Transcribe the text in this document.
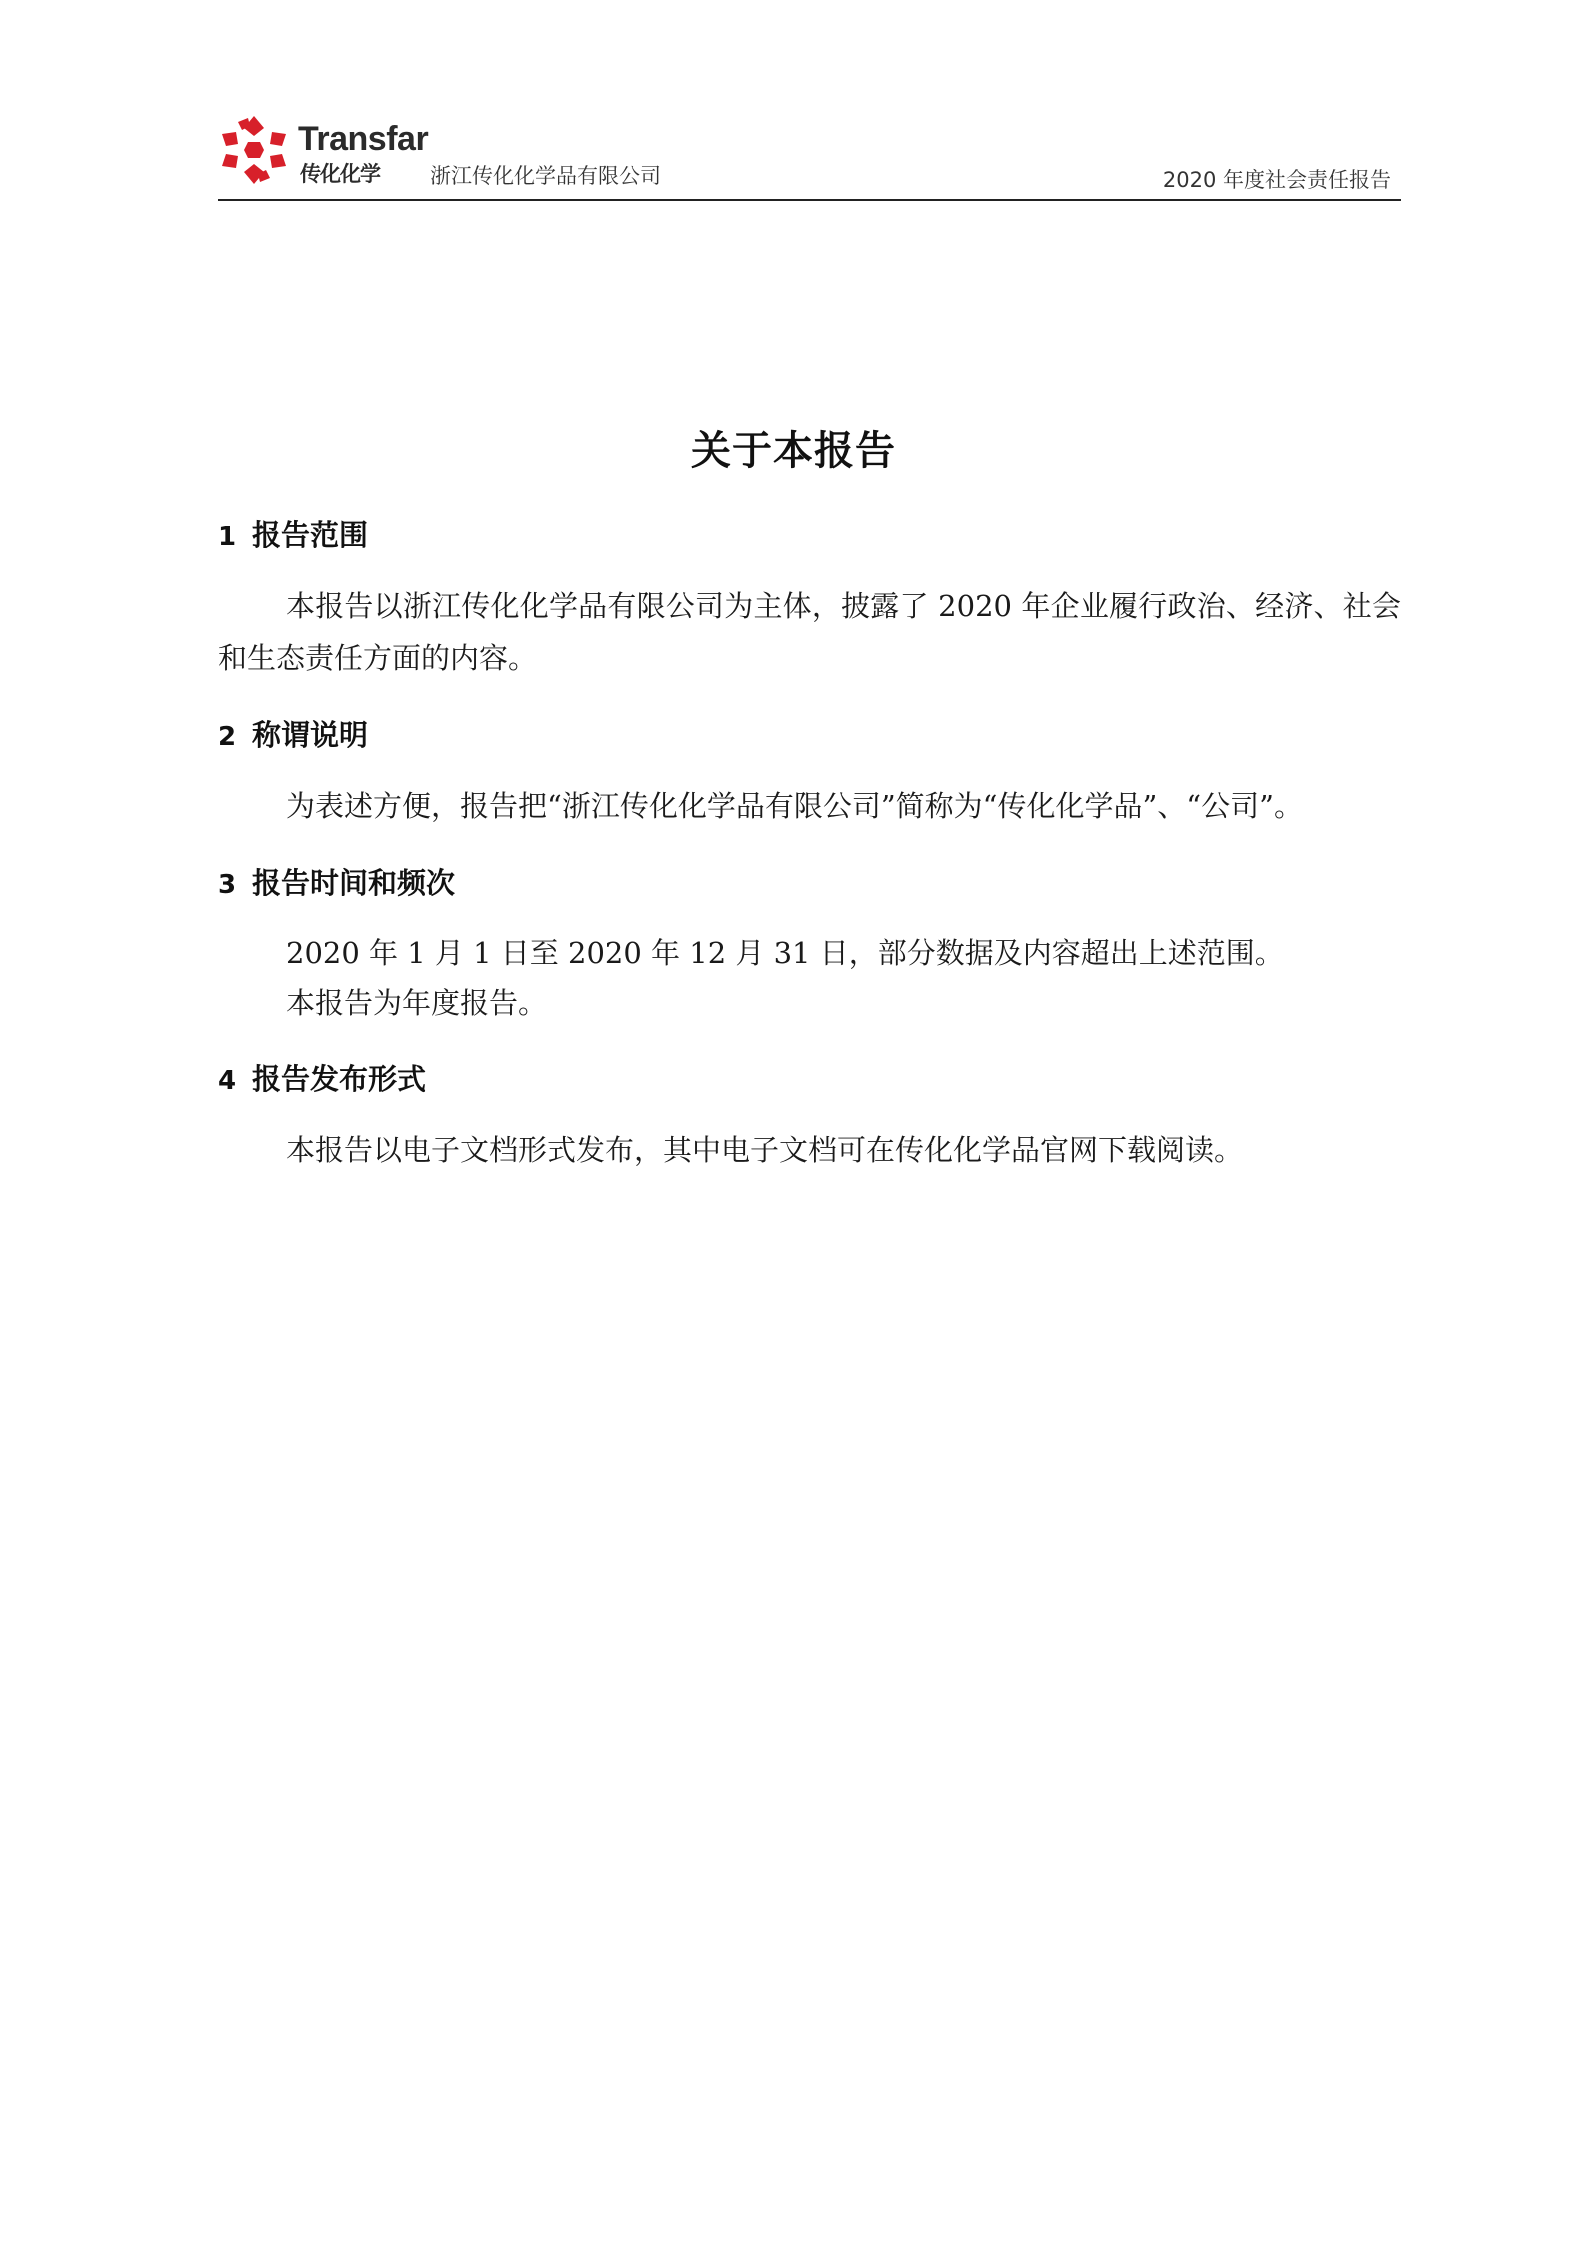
Transfar
传化化学 浙江传化化学品有限公司	2020 年度社会责任报告
关于本报告
1 报告范围

本报告以浙江传化化学品有限公司为主体，披露了 2020 年企业履行政治、经济、社会和生态责任方面的内容。

2 称谓说明

为表述方便，报告把“浙江传化化学品有限公司”简称为“传化化学品”、“公司”。

3 报告时间和频次
2020 年 1 月 1 日至 2020 年 12 月 31 日，部分数据及内容超出上述范围。
本报告为年度报告。
4 报告发布形式

本报告以电子文档形式发布，其中电子文档可在传化化学品官网下载阅读。
